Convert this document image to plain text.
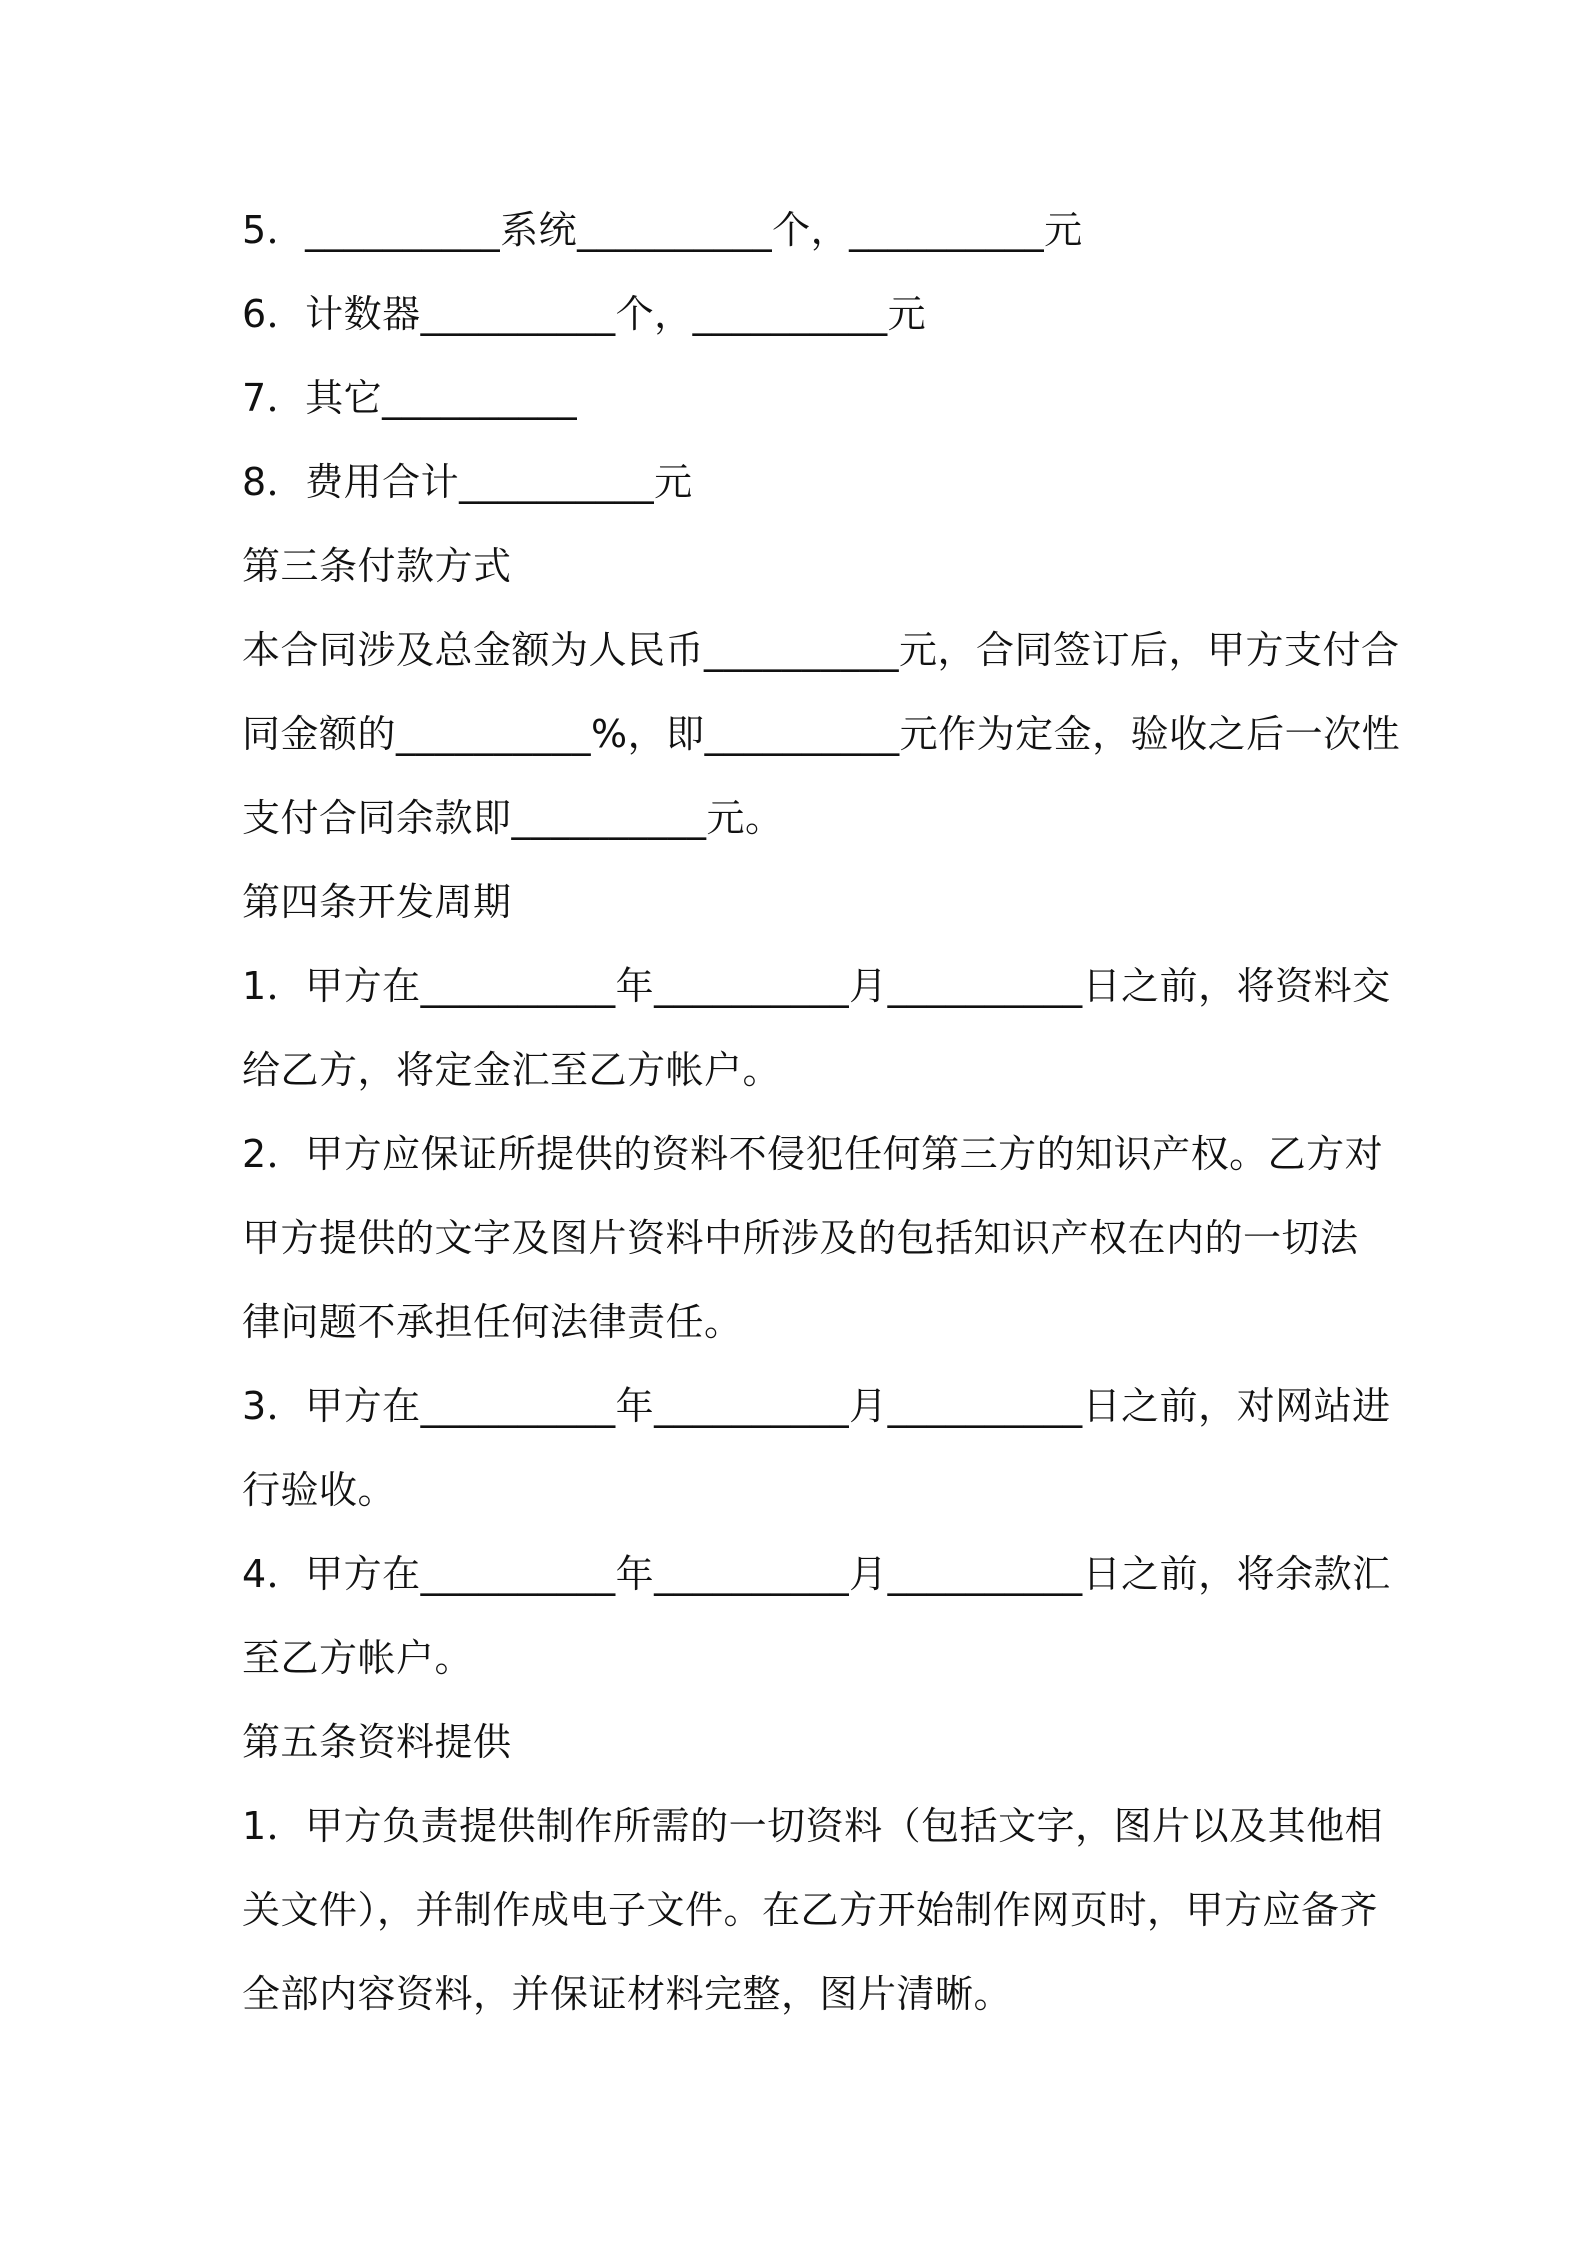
5．__________系统__________个，__________元
6．计数器__________个，__________元
7．其它__________
8．费用合计__________元
第三条付款方式
本合同涉及总金额为人民币__________元，合同签订后，甲方支付合
同金额的__________%，即__________元作为定金，验收之后一次性
支付合同余款即__________元。
第四条开发周期
1．甲方在__________年__________月__________日之前，将资料交
给乙方，将定金汇至乙方帐户。
2．甲方应保证所提供的资料不侵犯任何第三方的知识产权。乙方对
甲方提供的文字及图片资料中所涉及的包括知识产权在内的一切法
律问题不承担任何法律责任。
3．甲方在__________年__________月__________日之前，对网站进
行验收。
4．甲方在__________年__________月__________日之前，将余款汇
至乙方帐户。
第五条资料提供
1．甲方负责提供制作所需的一切资料（包括文字，图片以及其他相
关文件），并制作成电子文件。在乙方开始制作网页时，甲方应备齐
全部内容资料，并保证材料完整，图片清晰。
